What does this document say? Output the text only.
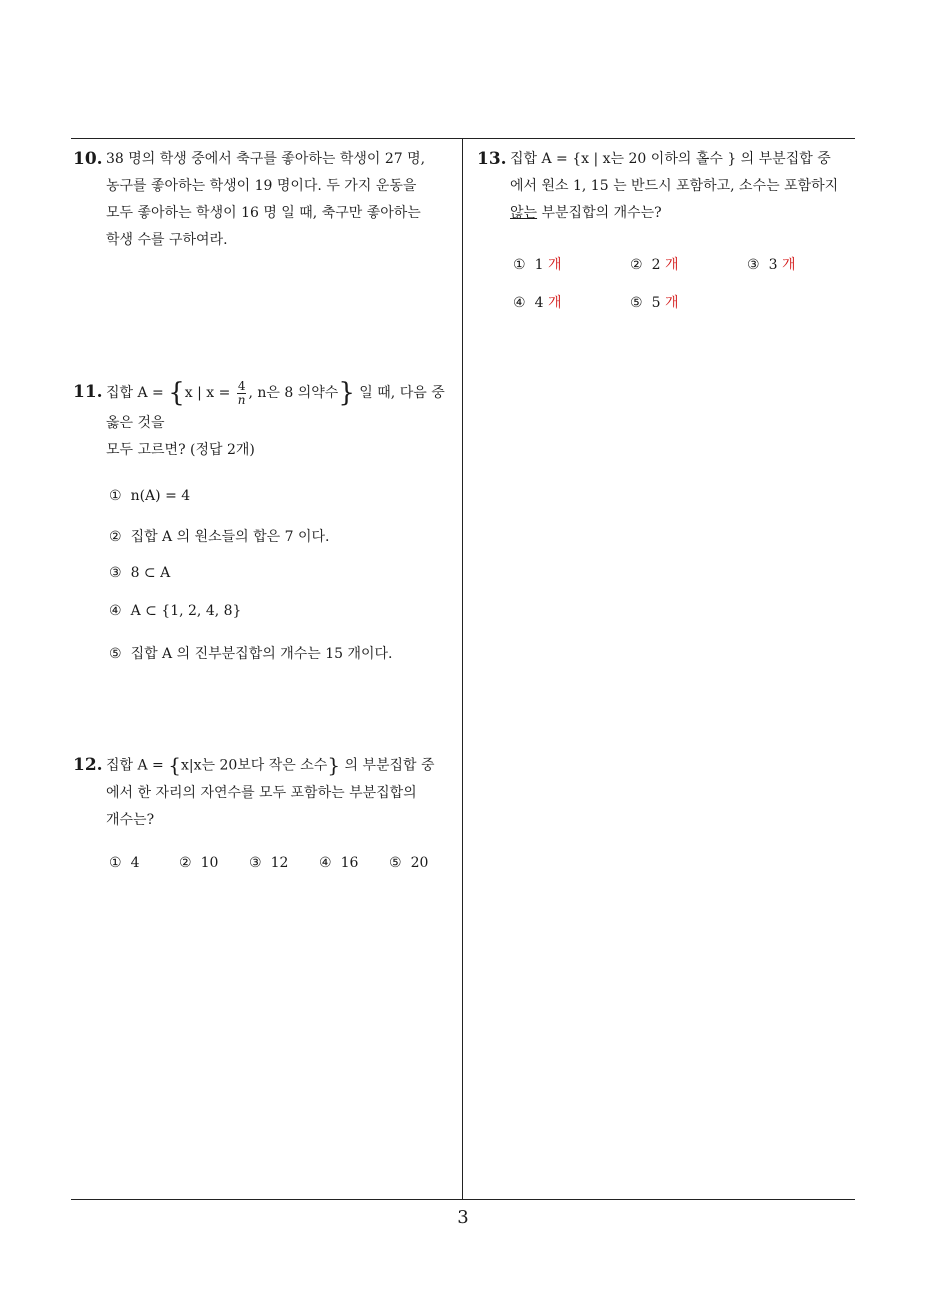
10. 38 명의 학생 중에서 축구를 좋아하는 학생이 27 명,

농구를 좋아하는 학생이 19 명이다. 두 가지 운동을

모두 좋아하는 학생이 16 명 일 때, 축구만 좋아하는

학생 수를 구하여라.

11. 집합 A = {x | $x = \frac{4}{n}$ , n은 8 의약수} 일 때, 다음 중

옳은 것을

모두 고르면? (정답 2개)

① n(A) = 4
② 집합 A 의 원소들의 합은 7 이다.
③ 8 ⊂ A
④ A ⊂ {1, 2, 4, 8}
⑤ 집합 A 의 진부분집합의 개수는 15 개이다.
12. 집합 A = {x|x는 20보다 작은 소수} 의 부분집합 중

에서 한 자리의 자연수를 모두 포함하는 부분집합의

개수는?

① 4	② 10 ③ 12 ④ 16 ⑤ 20
13. 집합 A = {x | x는 20 이하의 홀수 } 의 부분집합 중

에서 원소 1, 15 는 반드시 포함하고, 소수는 포함하지

않는 부분집합의 개수는?

① 1 개	② 2 개	③ 3 개
④ 4 개	⑤ 5 개
3
